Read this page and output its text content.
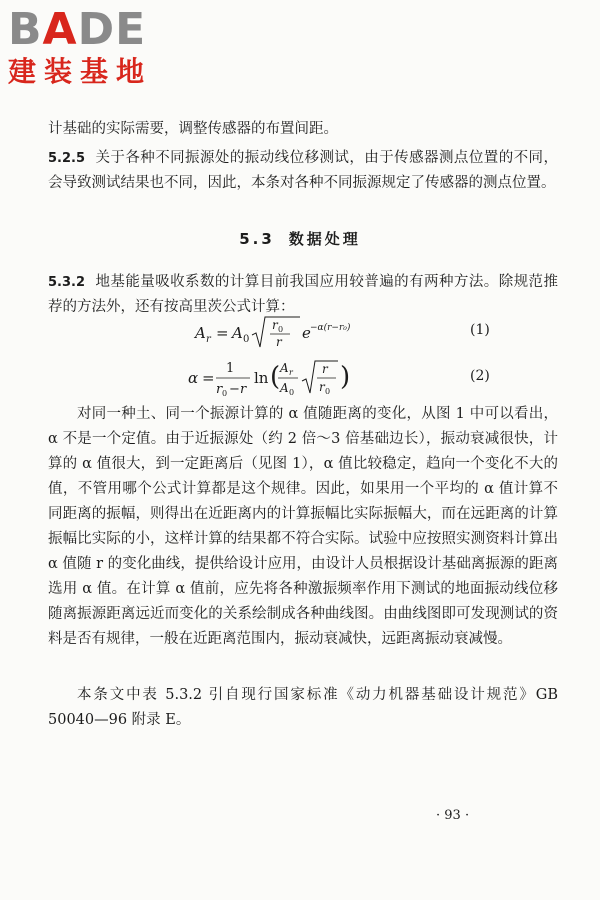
BADE
建装基地
计基础的实际需要，调整传感器的布置间距。
5.2.5 关于各种不同振源处的振动线位移测试，由于传感器测点位置的不同，会导致测试结果也不同，因此，本条对各种不同振源规定了传感器的测点位置。
5.3 数据处理
5.3.2 地基能量吸收系数的计算目前我国应用较普遍的有两种方法。除规范推荐的方法外，还有按高里茨公式计算：
A r = A 0
r 0
r e −α(r−r₀)	(1)
α =
1
r 0 − r
ln ( A r
A 0
r
r 0 )	(2)
对同一种土、同一个振源计算的 α 值随距离的变化，从图 1 中可以看出，α 不是一个定值。由于近振源处（约 2 倍～3 倍基础边长），振动衰减很快，计算的 α 值很大，到一定距离后（见图 1），α 值比较稳定，趋向一个变化不大的值，不管用哪个公式计算都是这个规律。因此，如果用一个平均的 α 值计算不同距离的振幅，则得出在近距离内的计算振幅比实际振幅大，而在远距离的计算振幅比实际的小，这样计算的结果都不符合实际。试验中应按照实测资料计算出 α 值随 r 的变化曲线，提供给设计应用，由设计人员根据设计基础离振源的距离选用 α 值。在计算 α 值前，应先将各种激振频率作用下测试的地面振动线位移随离振源距离远近而变化的关系绘制成各种曲线图。由曲线图即可发现测试的资料是否有规律，一般在近距离范围内，振动衰减快，远距离振动衰减慢。
本条文中表 5.3.2 引自现行国家标准《动力机器基础设计规范》GB 50040—96 附录 E。
· 93 ·
